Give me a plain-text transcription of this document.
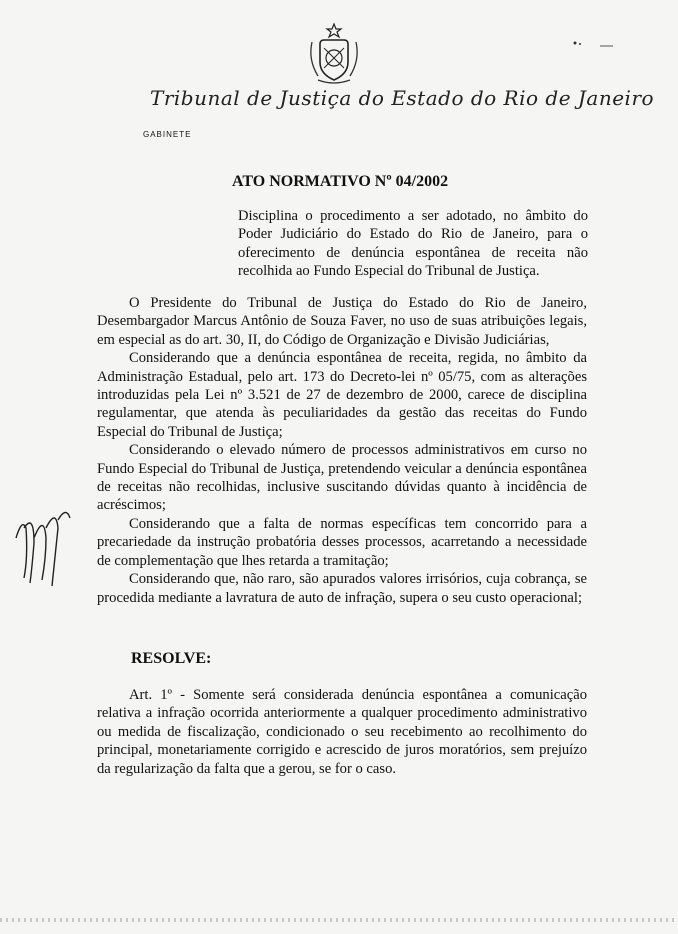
Tribunal de Justiça do Estado do Rio de Janeiro
GABINETE
ATO NORMATIVO Nº 04/2002
Disciplina o procedimento a ser adotado, no âmbito do Poder Judiciário do Estado do Rio de Janeiro, para o oferecimento de denúncia espontânea de receita não recolhida ao Fundo Especial do Tribunal de Justiça.

O Presidente do Tribunal de Justiça do Estado do Rio de Janeiro, Desembargador Marcus Antônio de Souza Faver, no uso de suas atribuições legais, em especial as do art. 30, II, do Código de Organização e Divisão Judiciárias,

Considerando que a denúncia espontânea de receita, regida, no âmbito da Administração Estadual, pelo art. 173 do Decreto-lei nº 05/75, com as alterações introduzidas pela Lei nº 3.521 de 27 de dezembro de 2000, carece de disciplina regulamentar, que atenda às peculiaridades da gestão das receitas do Fundo Especial do Tribunal de Justiça;

Considerando o elevado número de processos administrativos em curso no Fundo Especial do Tribunal de Justiça, pretendendo veicular a denúncia espontânea de receitas não recolhidas, inclusive suscitando dúvidas quanto à incidência de acréscimos;

Considerando que a falta de normas específicas tem concorrido para a precariedade da instrução probatória desses processos, acarretando a necessidade de complementação que lhes retarda a tramitação;

Considerando que, não raro, são apurados valores irrisórios, cuja cobrança, se procedida mediante a lavratura de auto de infração, supera o seu custo operacional;

RESOLVE:

Art. 1º - Somente será considerada denúncia espontânea a comunicação relativa a infração ocorrida anteriormente a qualquer procedimento administrativo ou medida de fiscalização, condicionado o seu recebimento ao recolhimento do principal, monetariamente corrigido e acrescido de juros moratórios, sem prejuízo da regularização da falta que a gerou, se for o caso.
